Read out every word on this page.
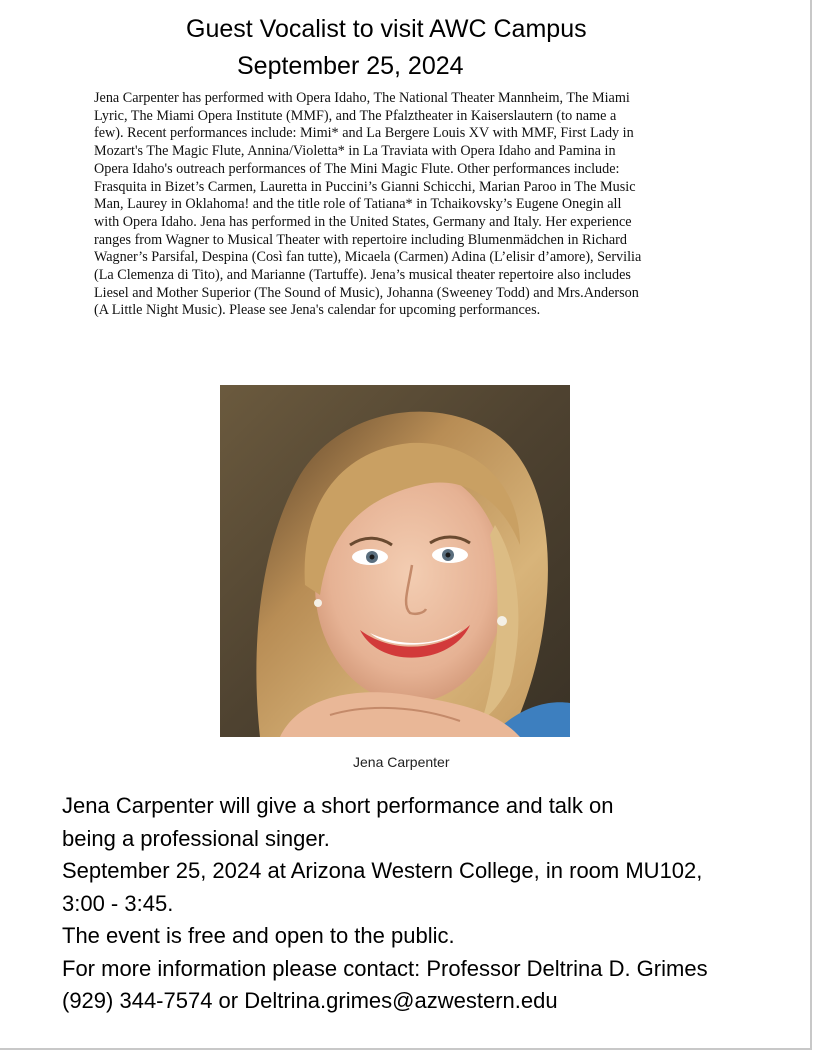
Guest Vocalist to visit AWC Campus
September 25, 2024
Jena Carpenter has performed with Opera Idaho, The National Theater Mannheim, The Miami
Lyric, The Miami Opera Institute (MMF), and The Pfalztheater in Kaiserslautern (to name a
few). Recent performances include: Mimi* and La Bergere Louis XV with MMF, First Lady in
Mozart's The Magic Flute, Annina/Violetta* in La Traviata with Opera Idaho and Pamina in
Opera Idaho's outreach performances of The Mini Magic Flute. Other performances include:
Frasquita in Bizet’s Carmen, Lauretta in Puccini’s Gianni Schicchi, Marian Paroo in The Music
Man, Laurey in Oklahoma! and the title role of Tatiana* in Tchaikovsky’s Eugene Onegin all
with Opera Idaho. Jena has performed in the United States, Germany and Italy. Her experience
ranges from Wagner to Musical Theater with repertoire including Blumenmädchen in Richard
Wagner’s Parsifal, Despina (Così fan tutte), Micaela (Carmen) Adina (L’elisir d’amore), Servilia
(La Clemenza di Tito), and Marianne (Tartuffe). Jena’s musical theater repertoire also includes
Liesel and Mother Superior (The Sound of Music), Johanna (Sweeney Todd) and Mrs.Anderson
(A Little Night Music). Please see Jena's calendar for upcoming performances.
Jena Carpenter
Jena Carpenter will give a short performance and talk on
being a professional singer.
September 25, 2024 at Arizona Western College, in room MU102,
3:00 - 3:45.
The event is free and open to the public.
For more information please contact: Professor Deltrina D. Grimes
(929) 344-7574 or Deltrina.grimes@azwestern.edu
